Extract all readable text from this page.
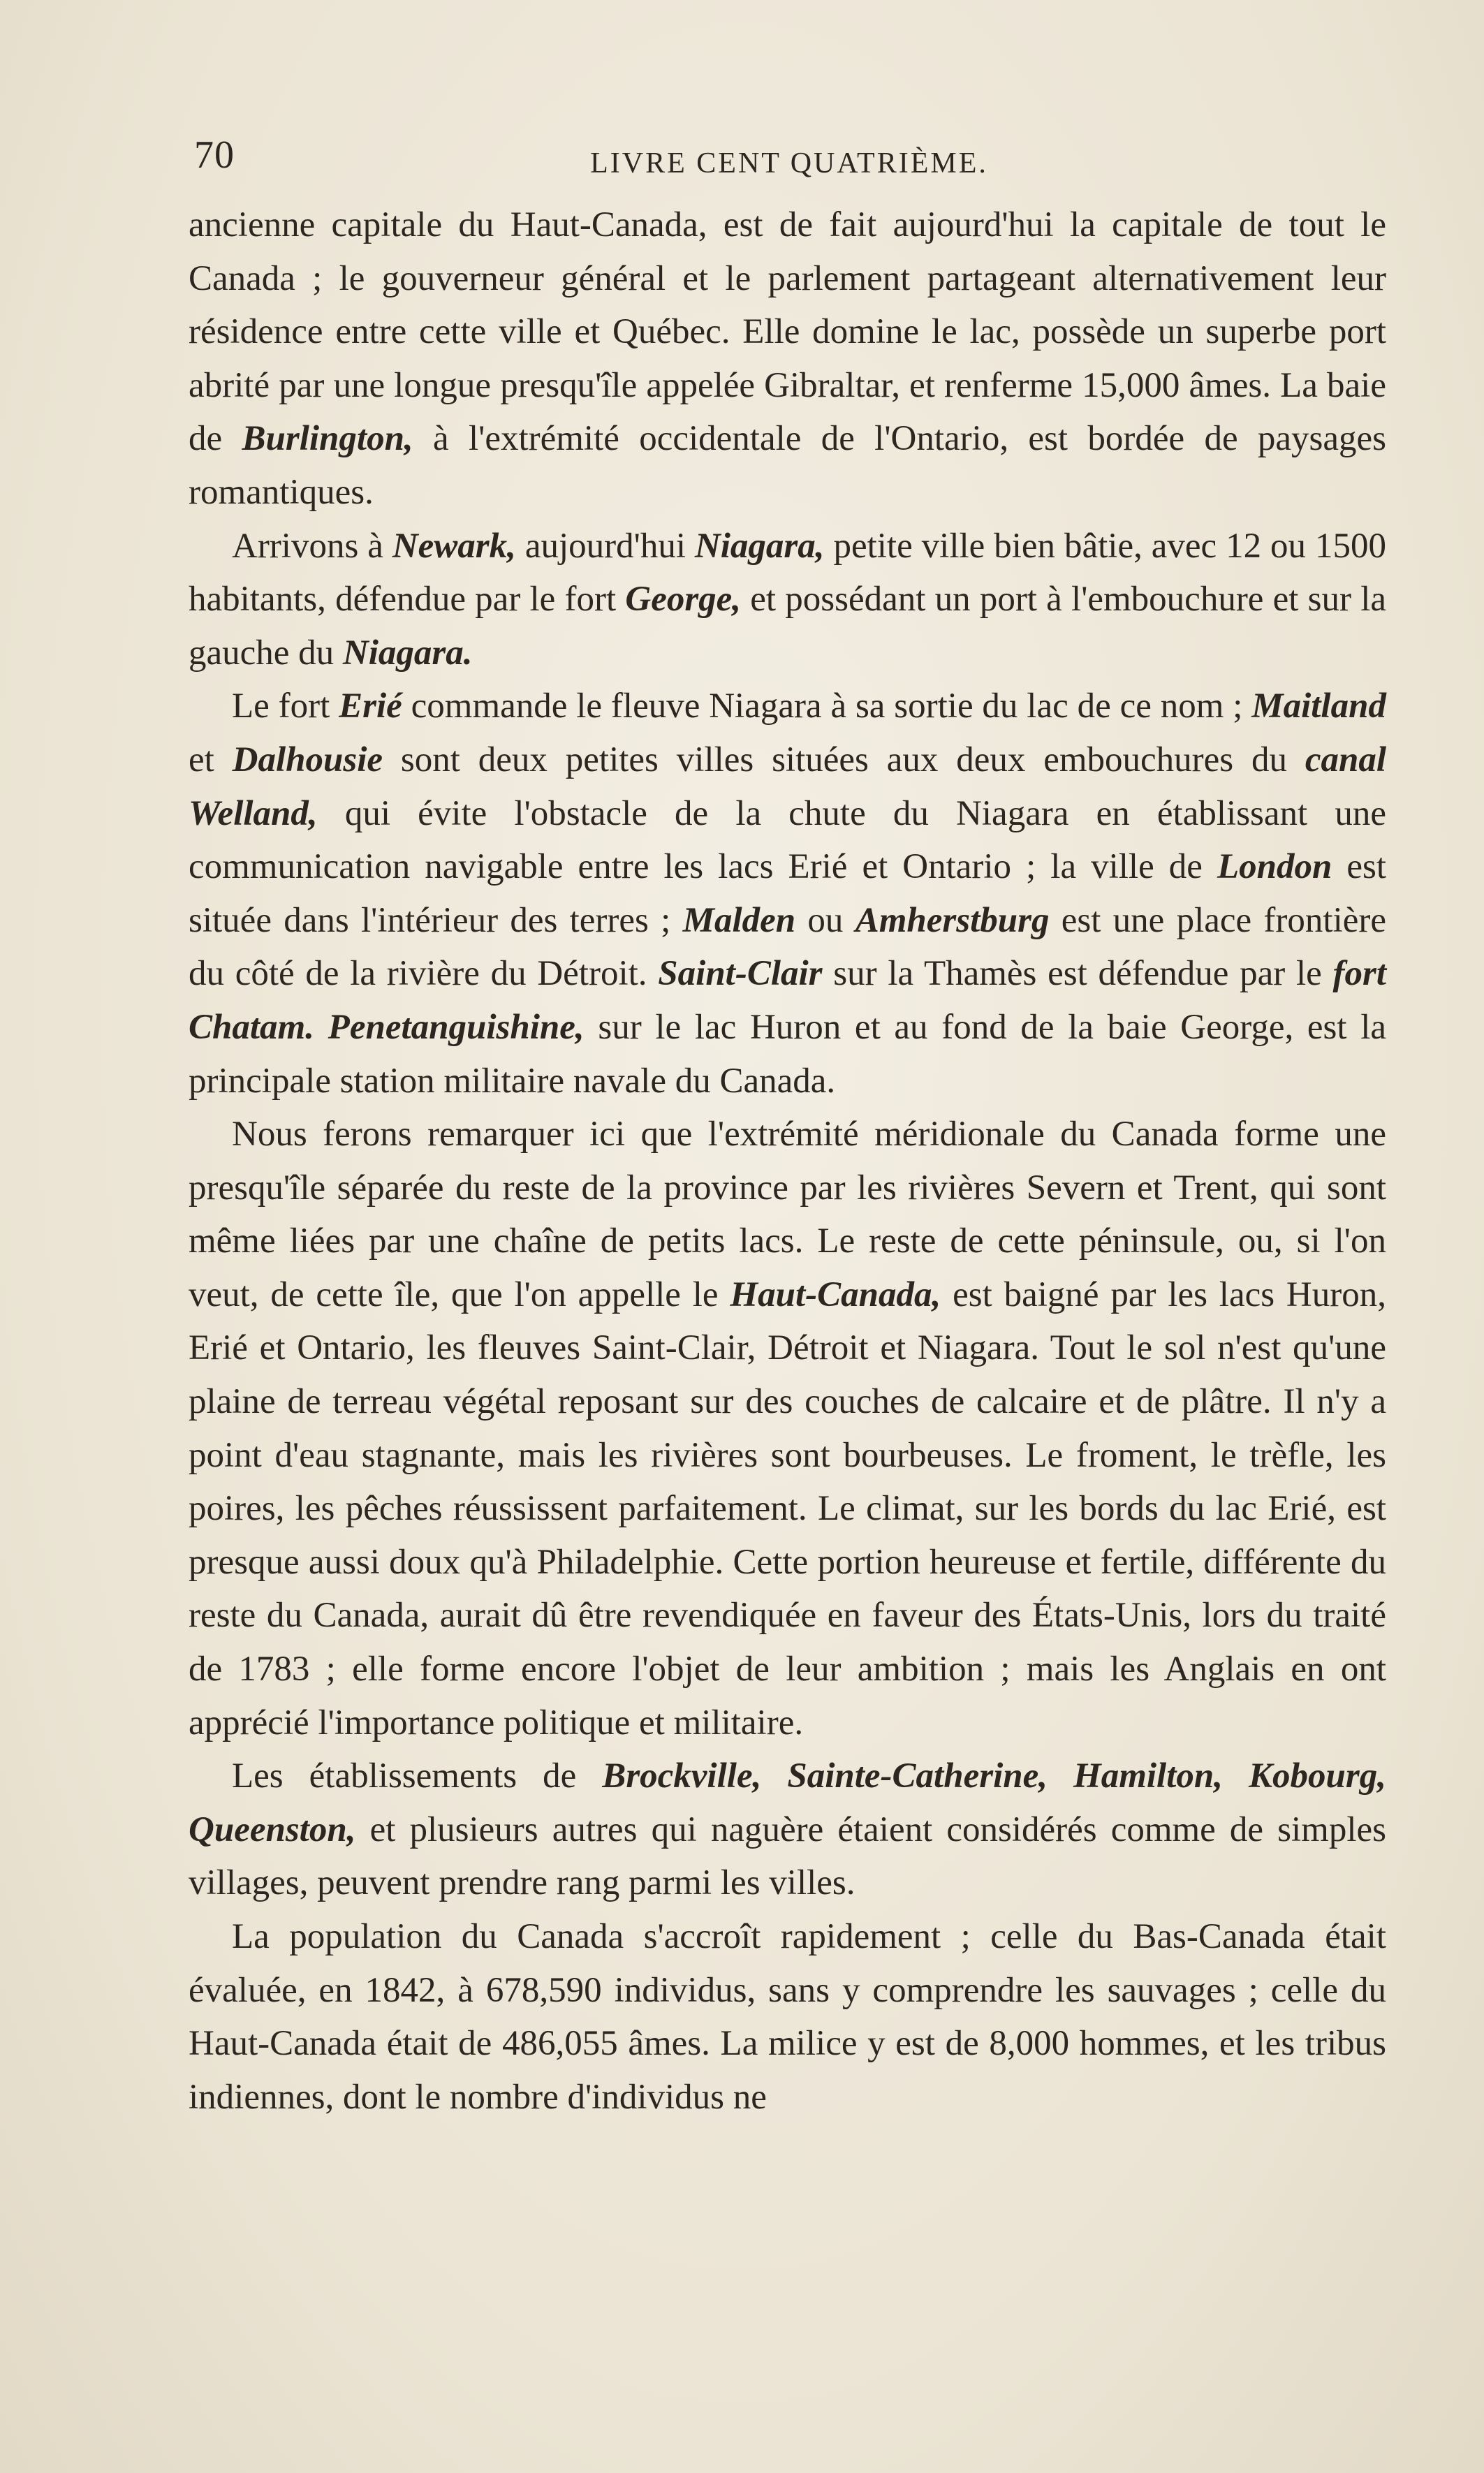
70	LIVRE CENT QUATRIÈME.

ancienne capitale du Haut-Canada, est de fait aujourd'hui la capitale de tout le Canada ; le gouverneur général et le parlement partageant alternativement leur résidence entre cette ville et Québec. Elle domine le lac, possède un superbe port abrité par une longue presqu'île appelée Gibraltar, et renferme 15,000 âmes. La baie de Burlington, à l'extrémité occidentale de l'Ontario, est bordée de paysages romantiques.

Arrivons à Newark, aujourd'hui Niagara, petite ville bien bâtie, avec 12 ou 1500 habitants, défendue par le fort George, et possédant un port à l'embouchure et sur la gauche du Niagara.

Le fort Erié commande le fleuve Niagara à sa sortie du lac de ce nom ; Maitland et Dalhousie sont deux petites villes situées aux deux embouchures du canal Welland, qui évite l'obstacle de la chute du Niagara en établissant une communication navigable entre les lacs Erié et Ontario ; la ville de London est située dans l'intérieur des terres ; Malden ou Amherstburg est une place frontière du côté de la rivière du Détroit. Saint-Clair sur la Thamès est défendue par le fort Chatam. Penetanguishine, sur le lac Huron et au fond de la baie George, est la principale station militaire navale du Canada.

Nous ferons remarquer ici que l'extrémité méridionale du Canada forme une presqu'île séparée du reste de la province par les rivières Severn et Trent, qui sont même liées par une chaîne de petits lacs. Le reste de cette péninsule, ou, si l'on veut, de cette île, que l'on appelle le Haut-Canada, est baigné par les lacs Huron, Erié et Ontario, les fleuves Saint-Clair, Détroit et Niagara. Tout le sol n'est qu'une plaine de terreau végétal reposant sur des couches de calcaire et de plâtre. Il n'y a point d'eau stagnante, mais les rivières sont bourbeuses. Le froment, le trèfle, les poires, les pêches réussissent parfaitement. Le climat, sur les bords du lac Erié, est presque aussi doux qu'à Philadelphie. Cette portion heureuse et fertile, différente du reste du Canada, aurait dû être revendiquée en faveur des États-Unis, lors du traité de 1783 ; elle forme encore l'objet de leur ambition ; mais les Anglais en ont apprécié l'importance politique et militaire.

Les établissements de Brockville, Sainte-Catherine, Hamilton, Kobourg, Queenston, et plusieurs autres qui naguère étaient considérés comme de simples villages, peuvent prendre rang parmi les villes.

La population du Canada s'accroît rapidement ; celle du Bas-Canada était évaluée, en 1842, à 678,590 individus, sans y comprendre les sauvages ; celle du Haut-Canada était de 486,055 âmes. La milice y est de 8,000 hommes, et les tribus indiennes, dont le nombre d'individus ne
